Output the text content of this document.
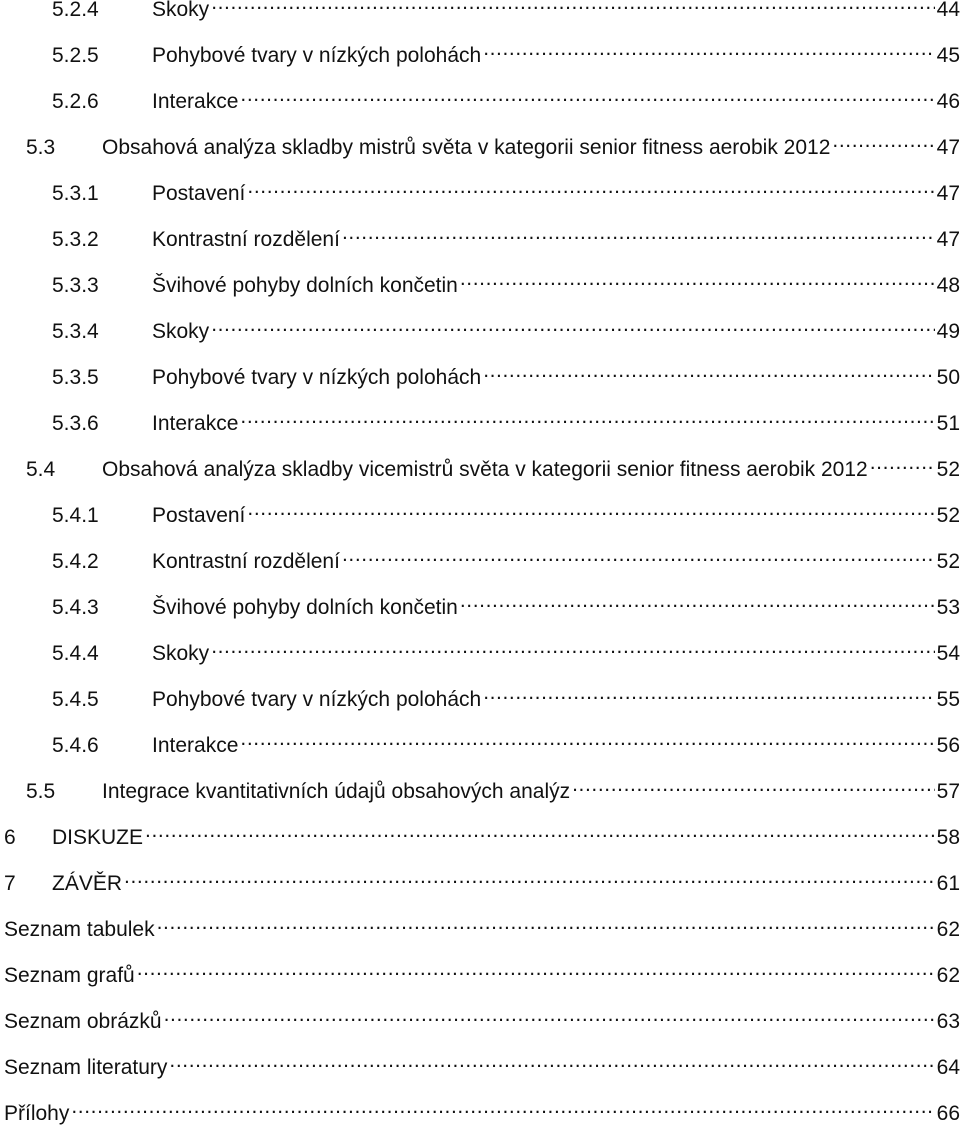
5.2.4	Skoky .....	44
5.2.5	Pohybové tvary v nízkých polohách .....	45
5.2.6	Interakce .....	46
5.3	Obsahová analýza skladby mistrů světa v kategorii senior fitness aerobik 2012 .....	47
5.3.1	Postavení .....	47
5.3.2	Kontrastní rozdělení .....	47
5.3.3	Švihové pohyby dolních končetin .....	48
5.3.4	Skoky .....	49
5.3.5	Pohybové tvary v nízkých polohách .....	50
5.3.6	Interakce .....	51
5.4	Obsahová analýza skladby vicemistrů světa v kategorii senior fitness aerobik 2012 .....	52
5.4.1	Postavení .....	52
5.4.2	Kontrastní rozdělení .....	52
5.4.3	Švihové pohyby dolních končetin .....	53
5.4.4	Skoky .....	54
5.4.5	Pohybové tvary v nízkých polohách .....	55
5.4.6	Interakce .....	56
5.5	Integrace kvantitativních údajů obsahových analýz .....	57
6	DISKUZE .....	58
7	ZÁVĚR .....	61
Seznam tabulek .....	62
Seznam grafů .....	62
Seznam obrázků .....	63
Seznam literatury .....	64
Přílohy .....	66
